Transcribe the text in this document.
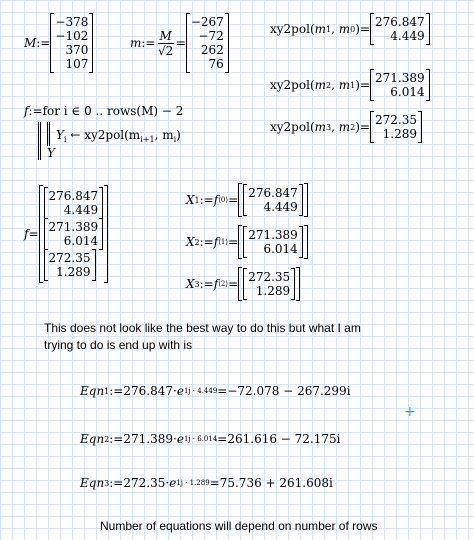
M :=
−378
−102
370
107
m := $\frac{M}{√2}$ =
−267
−72
262
76
xy2pol ( m 1 , m 0 ) = 276.847
4.449
xy2pol ( m 2 , m 1 ) = 271.389
6.014
xy2pol ( m 3 , m 2 ) = 272.35
1.289
f := for i ∈ 0 .. rows(M) − 2
$Y_i$ ← $xy2pol(m_{i+1}$, $m_i$)
Y
f =
276.847
4.449
271.389
6.014
272.35
1.289
X 1 := f ⟨0⟩ = 276.847
4.449
X 2 := f ⟨1⟩ = 271.389
6.014
X 3 := f ⟨2⟩ = 272.35
1.289
This does not look like the best way to do this but what I am trying to do is end up with is
+
Eqn 1 := 276.847 · e 1j · 4.449 = −72.078 − 267.299i
Eqn 2 := 271.389 · e 1j · 6.014 = 261.616 − 72.175i
Eqn 3 := 272.35 · e 1j · 1.289 = 75.736 + 261.608i
Number of equations will depend on number of rows
